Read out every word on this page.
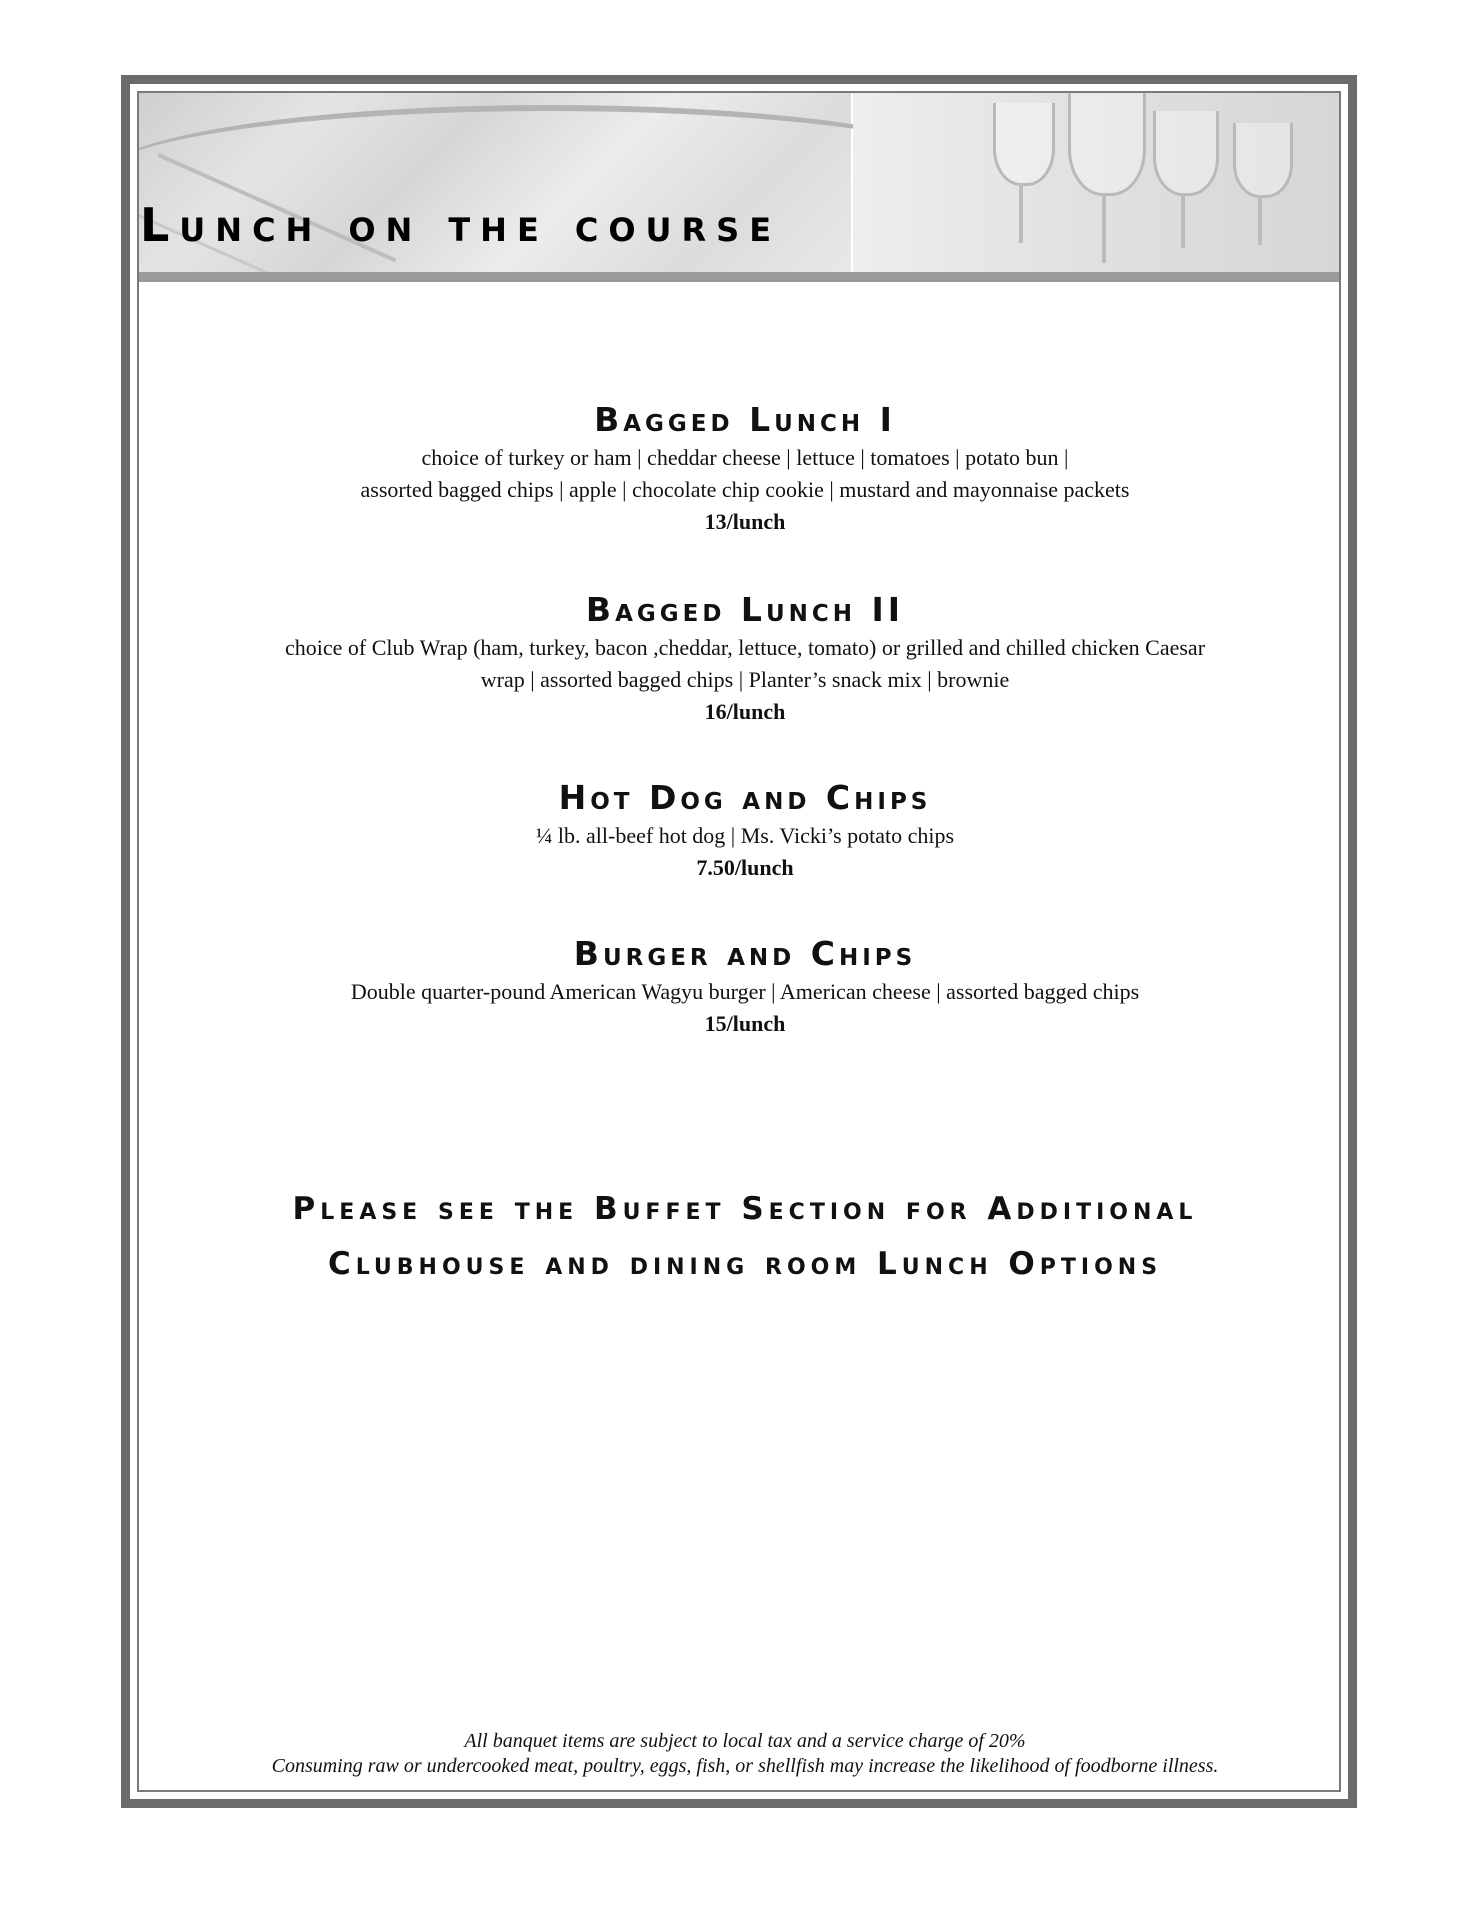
Lunch on the course
Bagged Lunch I

choice of turkey or ham | cheddar cheese | lettuce | tomatoes | potato bun |

assorted bagged chips | apple | chocolate chip cookie | mustard and mayonnaise packets

13/lunch

Bagged Lunch II

choice of Club Wrap (ham, turkey, bacon ,cheddar, lettuce, tomato) or grilled and chilled chicken Caesar

wrap | assorted bagged chips | Planter’s snack mix | brownie

16/lunch

Hot Dog and Chips

¼ lb. all-beef hot dog | Ms. Vicki’s potato chips

7.50/lunch

Burger and Chips

Double quarter-pound American Wagyu burger | American cheese | assorted bagged chips

15/lunch

Please see the Buffet Section for Additional
Clubhouse and dining room Lunch Options

All banquet items are subject to local tax and a service charge of 20%

Consuming raw or undercooked meat, poultry, eggs, fish, or shellfish may increase the likelihood of foodborne illness.
